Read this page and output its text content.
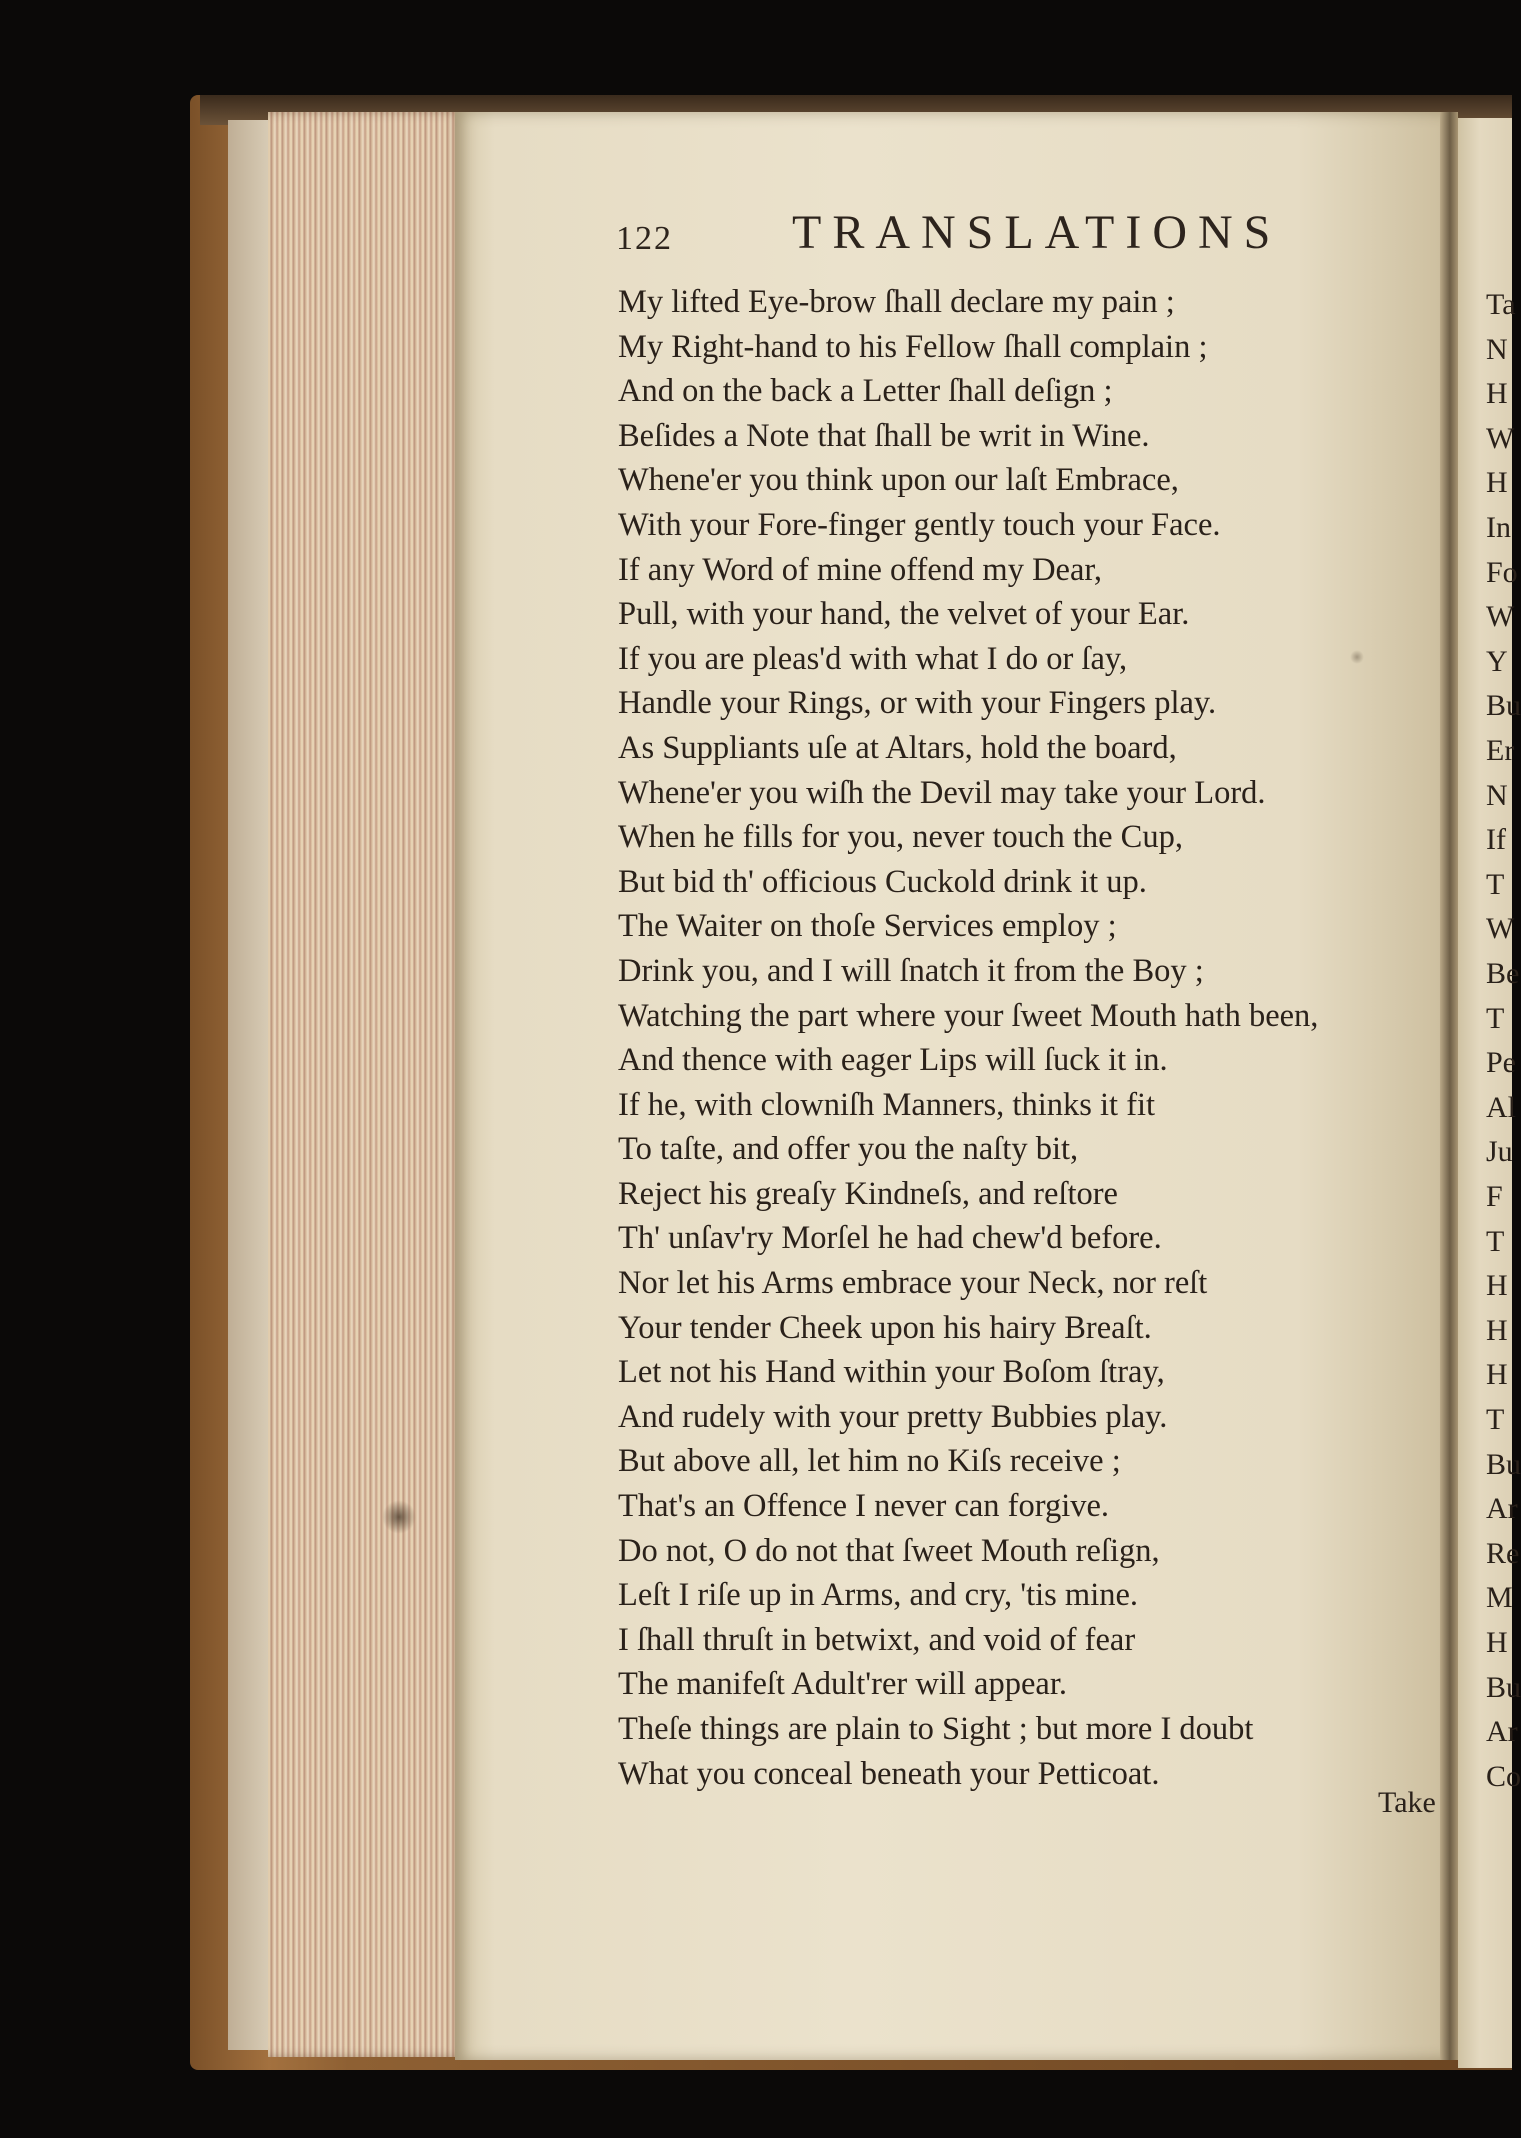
122 TRANSLATIONS
My lifted Eye-brow ſhall declare my pain ;
My Right-hand to his Fellow ſhall complain ;
And on the back a Letter ſhall deſign ;
Beſides a Note that ſhall be writ in Wine.
Whene'er you think upon our laſt Embrace,
With your Fore-finger gently touch your Face.
If any Word of mine offend my Dear,
Pull, with your hand, the velvet of your Ear.
If you are pleas'd with what I do or ſay,
Handle your Rings, or with your Fingers play.
As Suppliants uſe at Altars, hold the board,
Whene'er you wiſh the Devil may take your Lord.
When he fills for you, never touch the Cup,
But bid th' officious Cuckold drink it up.
The Waiter on thoſe Services employ ;
Drink you, and I will ſnatch it from the Boy ;
Watching the part where your ſweet Mouth hath been,
And thence with eager Lips will ſuck it in.
If he, with clowniſh Manners, thinks it fit
To taſte, and offer you the naſty bit,
Reject his greaſy Kindneſs, and reſtore
Th' unſav'ry Morſel he had chew'd before.
Nor let his Arms embrace your Neck, nor reſt
Your tender Cheek upon his hairy Breaſt.
Let not his Hand within your Boſom ſtray,
And rudely with your pretty Bubbies play.
But above all, let him no Kiſs receive ;
That's an Offence I never can forgive.
Do not, O do not that ſweet Mouth reſign,
Leſt I riſe up in Arms, and cry, 'tis mine.
I ſhall thruſt in betwixt, and void of fear
The manifeſt Adult'rer will appear.
Theſe things are plain to Sight ; but more I doubt
What you conceal beneath your Petticoat.
Take
Ta
N
H
W
H
In
Fo
W
Y
Bu
Er
N
If
T
W
Be
T
Pe
Al
Ju
F
T
H
H
H
T
Bu
Ar
Re
M
H
Bu
Ar
Co
